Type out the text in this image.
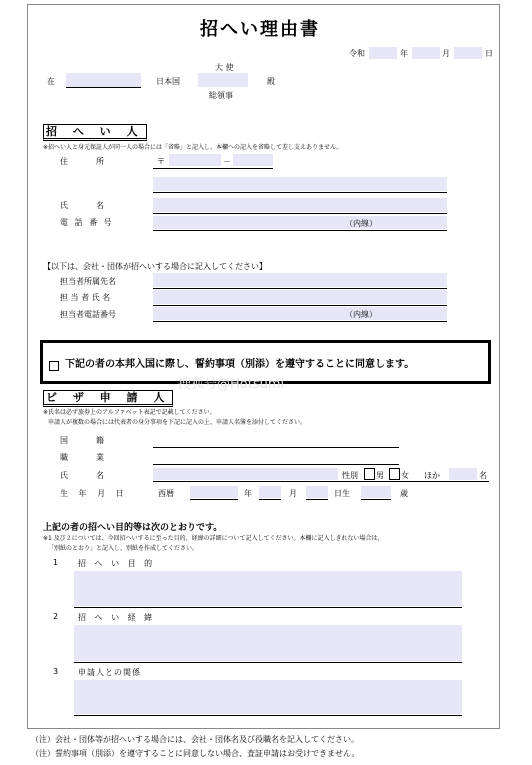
招へい理由書
令和	年	月	日
大 使
在	日本国	殿
総領事
招 へ い 人
※招へい人と身元保証人が同一人の場合には「省略」と記入し、本欄への記入を省略して差し支えありません。
住　　所	〒	－
氏　　名
電 話 番 号	（内線）
【以下は、会社・団体が招へいする場合に記入してください】
担当者所属先名
担 当 者 氏 名
担当者電話番号	（内線）
下記の者の本邦入国に際し、誓約事項（別添）を遵守することに同意します。
ビ ザ 申 請 人
※氏名は必ず旅券上のアルファベット表記で記載してください。
申請人が複数の場合には代表者の身分事項を下記に記入の上、申請人名簿を添付してください。
国　　籍
職　　業
氏　　名	性別 男 女 ほか	名
生 年 月 日	西暦	年	月	日生	歳
上記の者の招へい目的等は次のとおりです。
※1 及び２については、今回招へいするに至った目的、経緯の詳細について記入してください。本欄に記入しきれない場合は、
「別紙のとおり」と記入し、別紙を作成してください。
1 招 へ い 目 的
2 招 へ い 経 緯
3 申請人との関係
搜狐号@Hotsumi
（注）会社・団体等が招へいする場合には、会社・団体名及び役職名を記入してください。
（注）誓約事項（別添）を遵守することに同意しない場合、査証申請はお受けできません。
